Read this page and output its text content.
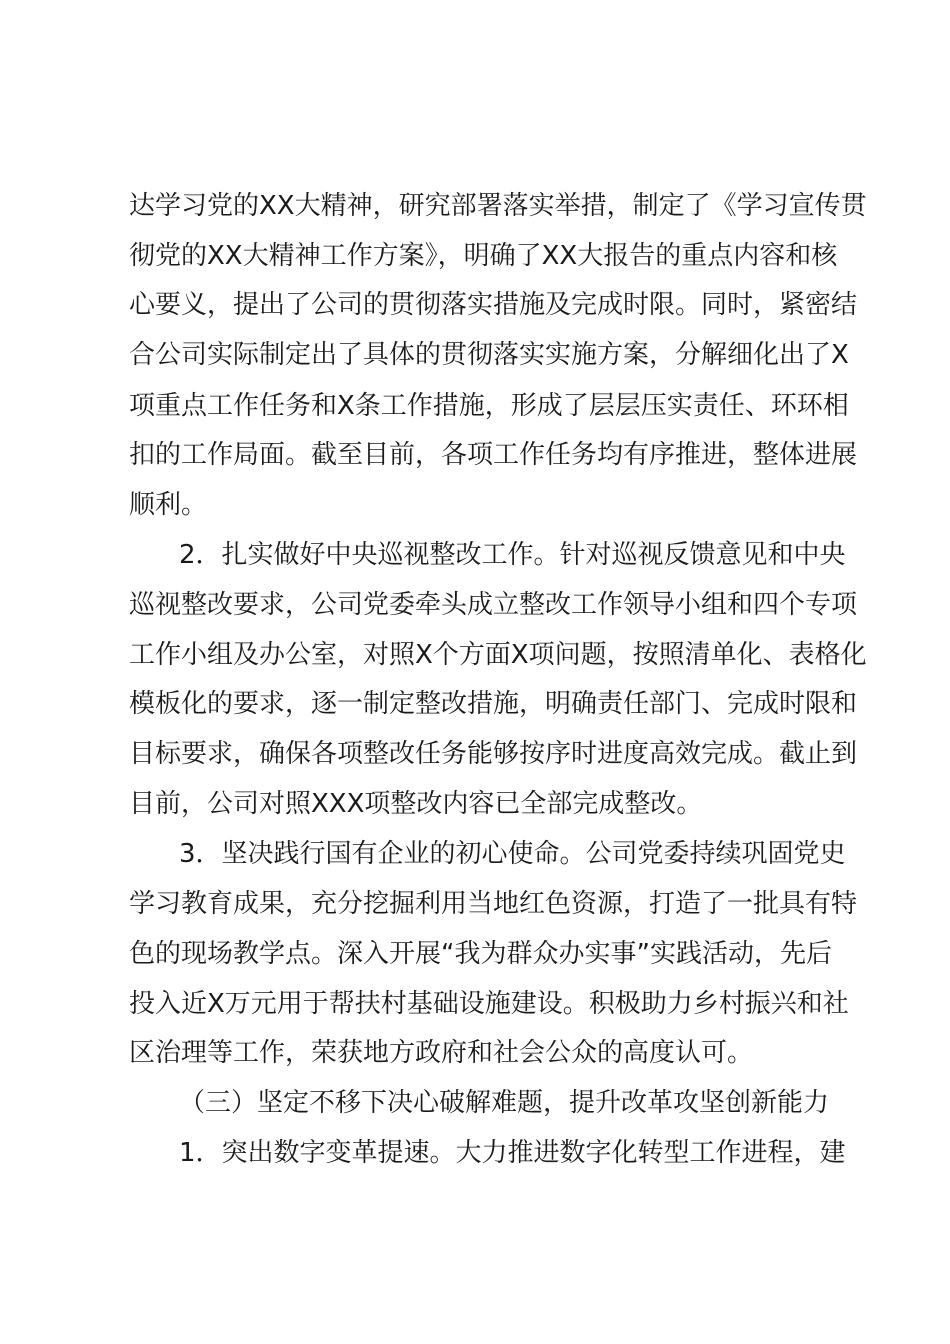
达学习党的XX大精神，研究部署落实举措，制定了《学习宣传贯
彻党的XX大精神工作方案》，明确了XX大报告的重点内容和核
心要义，提出了公司的贯彻落实措施及完成时限。同时，紧密结
合公司实际制定出了具体的贯彻落实实施方案，分解细化出了X
项重点工作任务和X条工作措施，形成了层层压实责任、环环相
扣的工作局面。截至目前，各项工作任务均有序推进，整体进展
顺利。
2．扎实做好中央巡视整改工作。针对巡视反馈意见和中央
巡视整改要求，公司党委牵头成立整改工作领导小组和四个专项
工作小组及办公室，对照X个方面X项问题，按照清单化、表格化
模板化的要求，逐一制定整改措施，明确责任部门、完成时限和
目标要求，确保各项整改任务能够按序时进度高效完成。截止到
目前，公司对照XXX项整改内容已全部完成整改。
3．坚决践行国有企业的初心使命。公司党委持续巩固党史
学习教育成果，充分挖掘利用当地红色资源，打造了一批具有特
色的现场教学点。深入开展“我为群众办实事”实践活动，先后
投入近X万元用于帮扶村基础设施建设。积极助力乡村振兴和社
区治理等工作，荣获地方政府和社会公众的高度认可。
（三）坚定不移下决心破解难题，提升改革攻坚创新能力
1．突出数字变革提速。大力推进数字化转型工作进程，建
